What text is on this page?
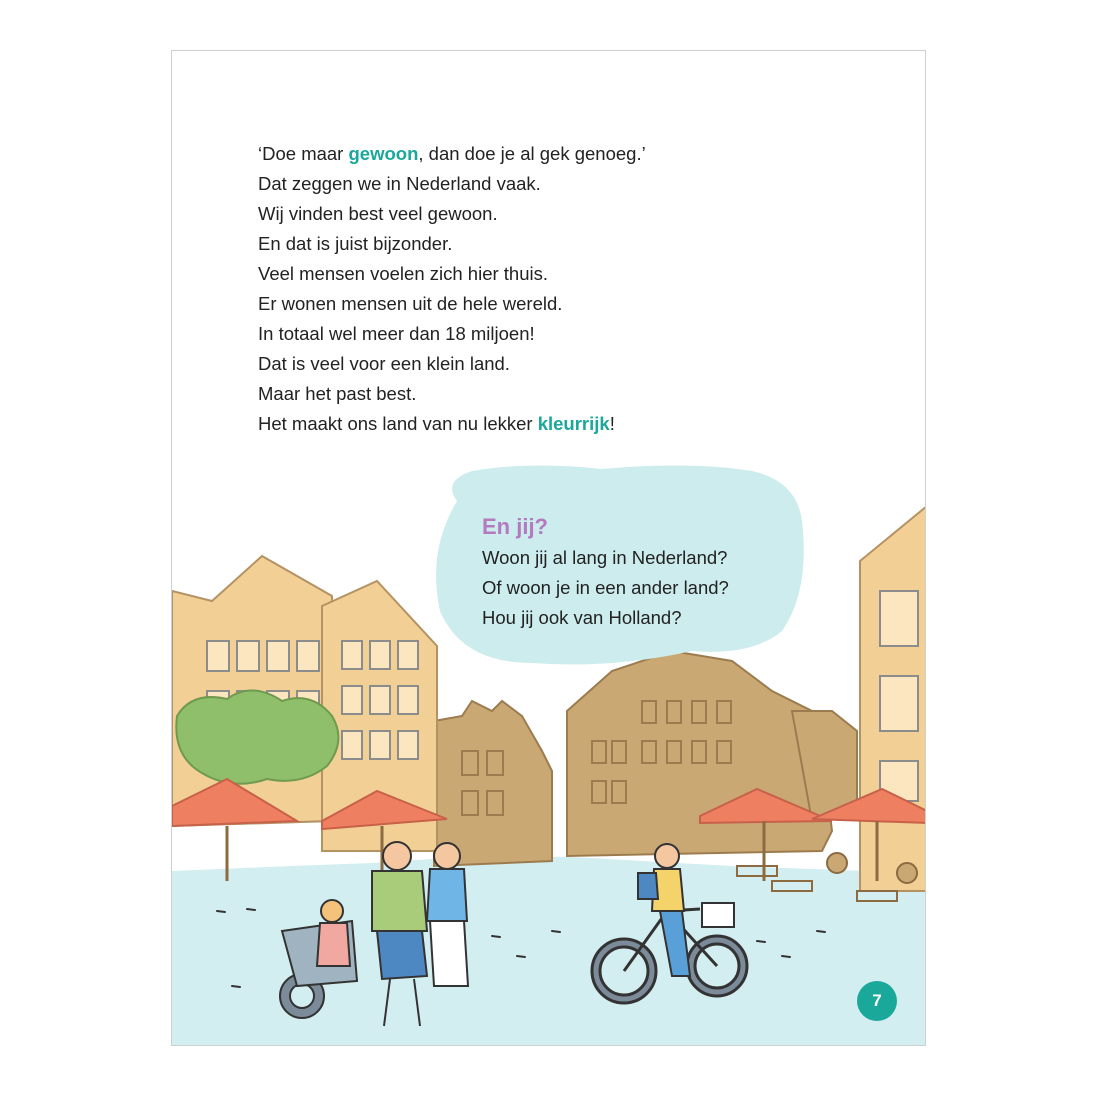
‘Doe maar gewoon, dan doe je al gek genoeg.’
Dat zeggen we in Nederland vaak.
Wij vinden best veel gewoon.
En dat is juist bijzonder.
Veel mensen voelen zich hier thuis.
Er wonen mensen uit de hele wereld.
In totaal wel meer dan 18 miljoen!
Dat is veel voor een klein land.
Maar het past best.
Het maakt ons land van nu lekker kleurrijk!
En jij?
Woon jij al lang in Nederland?
Of woon je in een ander land?
Hou jij ook van Holland?
7
